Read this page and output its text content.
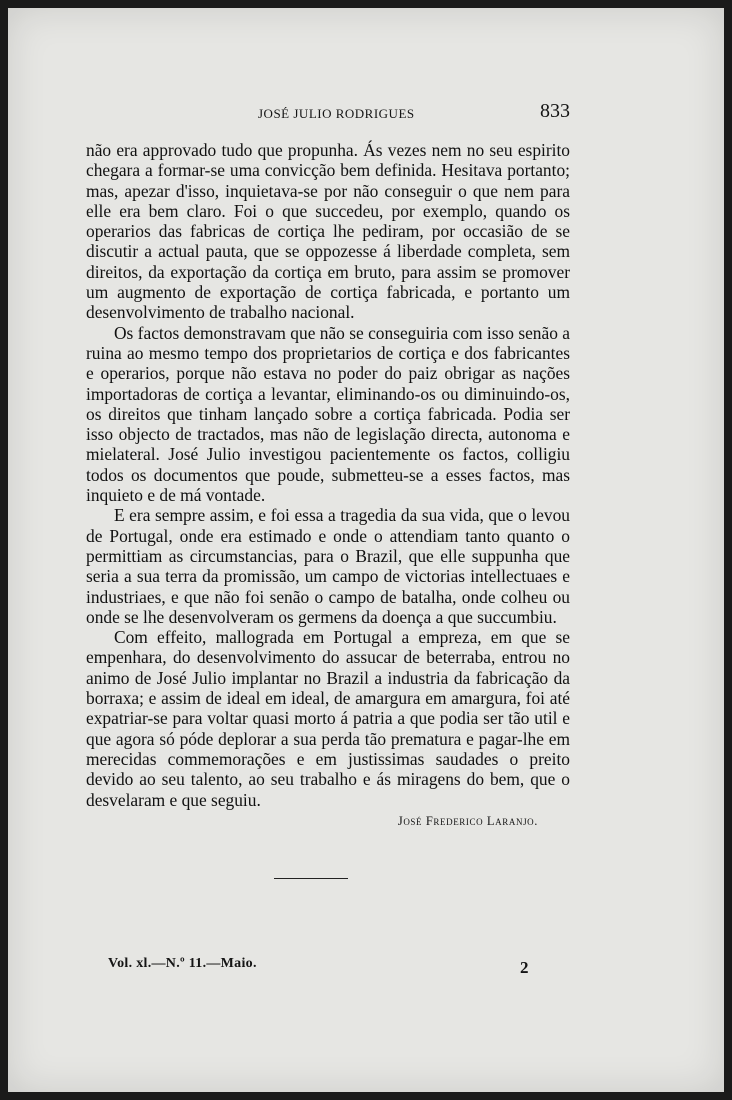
JOSÉ JULIO RODRIGUES	833

não era approvado tudo que propunha. Ás vezes nem no seu espirito chegara a formar-se uma convicção bem definida. Hesitava portanto; mas, apezar d'isso, inquietava-se por não conseguir o que nem para elle era bem claro. Foi o que succedeu, por exemplo, quando os operarios das fabricas de cortiça lhe pediram, por occasião de se discutir a actual pauta, que se oppozesse á liberdade completa, sem direitos, da exportação da cortiça em bruto, para assim se promover um augmento de exportação de cortiça fabricada, e portanto um desenvolvimento de trabalho nacional.

Os factos demonstravam que não se conseguiria com isso senão a ruina ao mesmo tempo dos proprietarios de cortiça e dos fabricantes e operarios, porque não estava no poder do paiz obrigar as nações importadoras de cortiça a levantar, eliminando-os ou diminuindo-os, os direitos que tinham lançado sobre a cortiça fabricada. Podia ser isso objecto de tractados, mas não de legislação directa, autonoma e mielateral. José Julio investigou pacientemente os factos, colligiu todos os documentos que poude, submetteu-se a esses factos, mas inquieto e de má vontade.

E era sempre assim, e foi essa a tragedia da sua vida, que o levou de Portugal, onde era estimado e onde o attendiam tanto quanto o permittiam as circumstancias, para o Brazil, que elle suppunha que seria a sua terra da promissão, um campo de victorias intellectuaes e industriaes, e que não foi senão o campo de batalha, onde colheu ou onde se lhe desenvolveram os germens da doença a que succumbiu.

Com effeito, mallograda em Portugal a empreza, em que se empenhara, do desenvolvimento do assucar de beterraba, entrou no animo de José Julio implantar no Brazil a industria da fabricação da borraxa; e assim de ideal em ideal, de amargura em amargura, foi até expatriar-se para voltar quasi morto á patria a que podia ser tão util e que agora só póde deplorar a sua perda tão prematura e pagar-lhe em merecidas commemorações e em justissimas saudades o preito devido ao seu talento, ao seu trabalho e ás miragens do bem, que o desvelaram e que seguiu.

José Frederico Laranjo.
Vol. xl.—N.º 11.—Maio.	2
